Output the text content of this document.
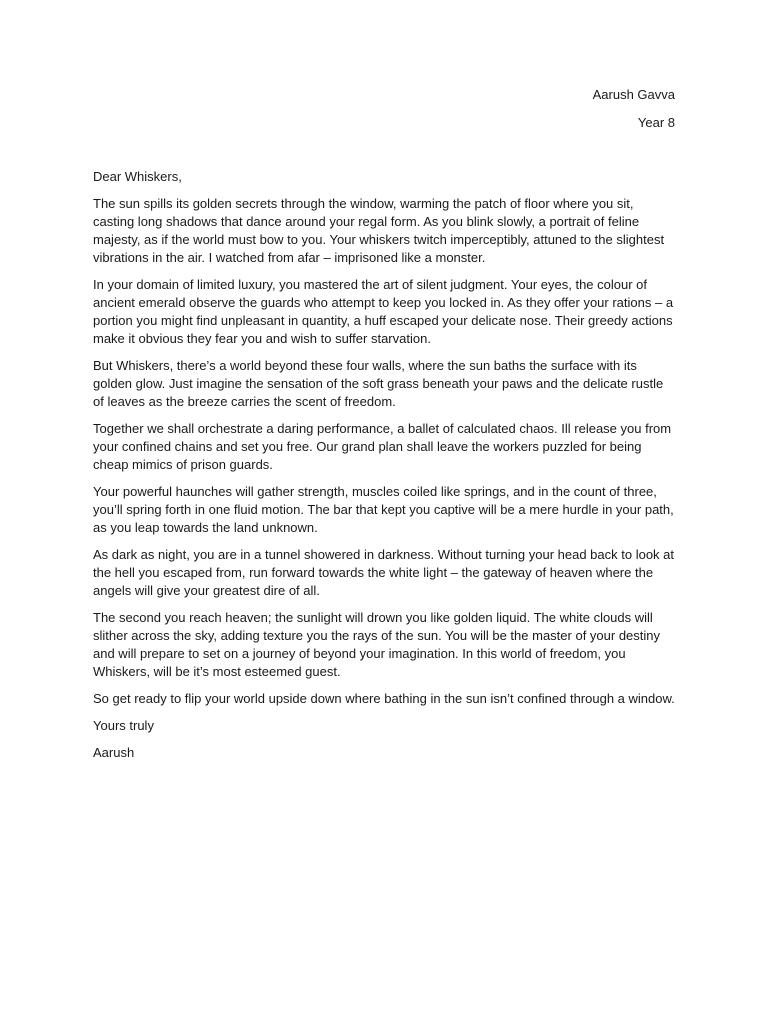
Aarush Gavva
Year 8

Dear Whiskers,

The sun spills its golden secrets through the window, warming the patch of floor where you sit, casting long shadows that dance around your regal form. As you blink slowly, a portrait of feline majesty, as if the world must bow to you. Your whiskers twitch imperceptibly, attuned to the slightest vibrations in the air. I watched from afar – imprisoned like a monster.

In your domain of limited luxury, you mastered the art of silent judgment. Your eyes, the colour of ancient emerald observe the guards who attempt to keep you locked in. As they offer your rations – a portion you might find unpleasant in quantity, a huff escaped your delicate nose. Their greedy actions make it obvious they fear you and wish to suffer starvation.

But Whiskers, there’s a world beyond these four walls, where the sun baths the surface with its golden glow. Just imagine the sensation of the soft grass beneath your paws and the delicate rustle of leaves as the breeze carries the scent of freedom.

Together we shall orchestrate a daring performance, a ballet of calculated chaos. Ill release you from your confined chains and set you free. Our grand plan shall leave the workers puzzled for being cheap mimics of prison guards.

Your powerful haunches will gather strength, muscles coiled like springs, and in the count of three, you’ll spring forth in one fluid motion. The bar that kept you captive will be a mere hurdle in your path, as you leap towards the land unknown.

As dark as night, you are in a tunnel showered in darkness. Without turning your head back to look at the hell you escaped from, run forward towards the white light – the gateway of heaven where the angels will give your greatest dire of all.

The second you reach heaven; the sunlight will drown you like golden liquid. The white clouds will slither across the sky, adding texture you the rays of the sun. You will be the master of your destiny and will prepare to set on a journey of beyond your imagination. In this world of freedom, you Whiskers, will be it’s most esteemed guest.

So get ready to flip your world upside down where bathing in the sun isn’t confined through a window.

Yours truly

Aarush
